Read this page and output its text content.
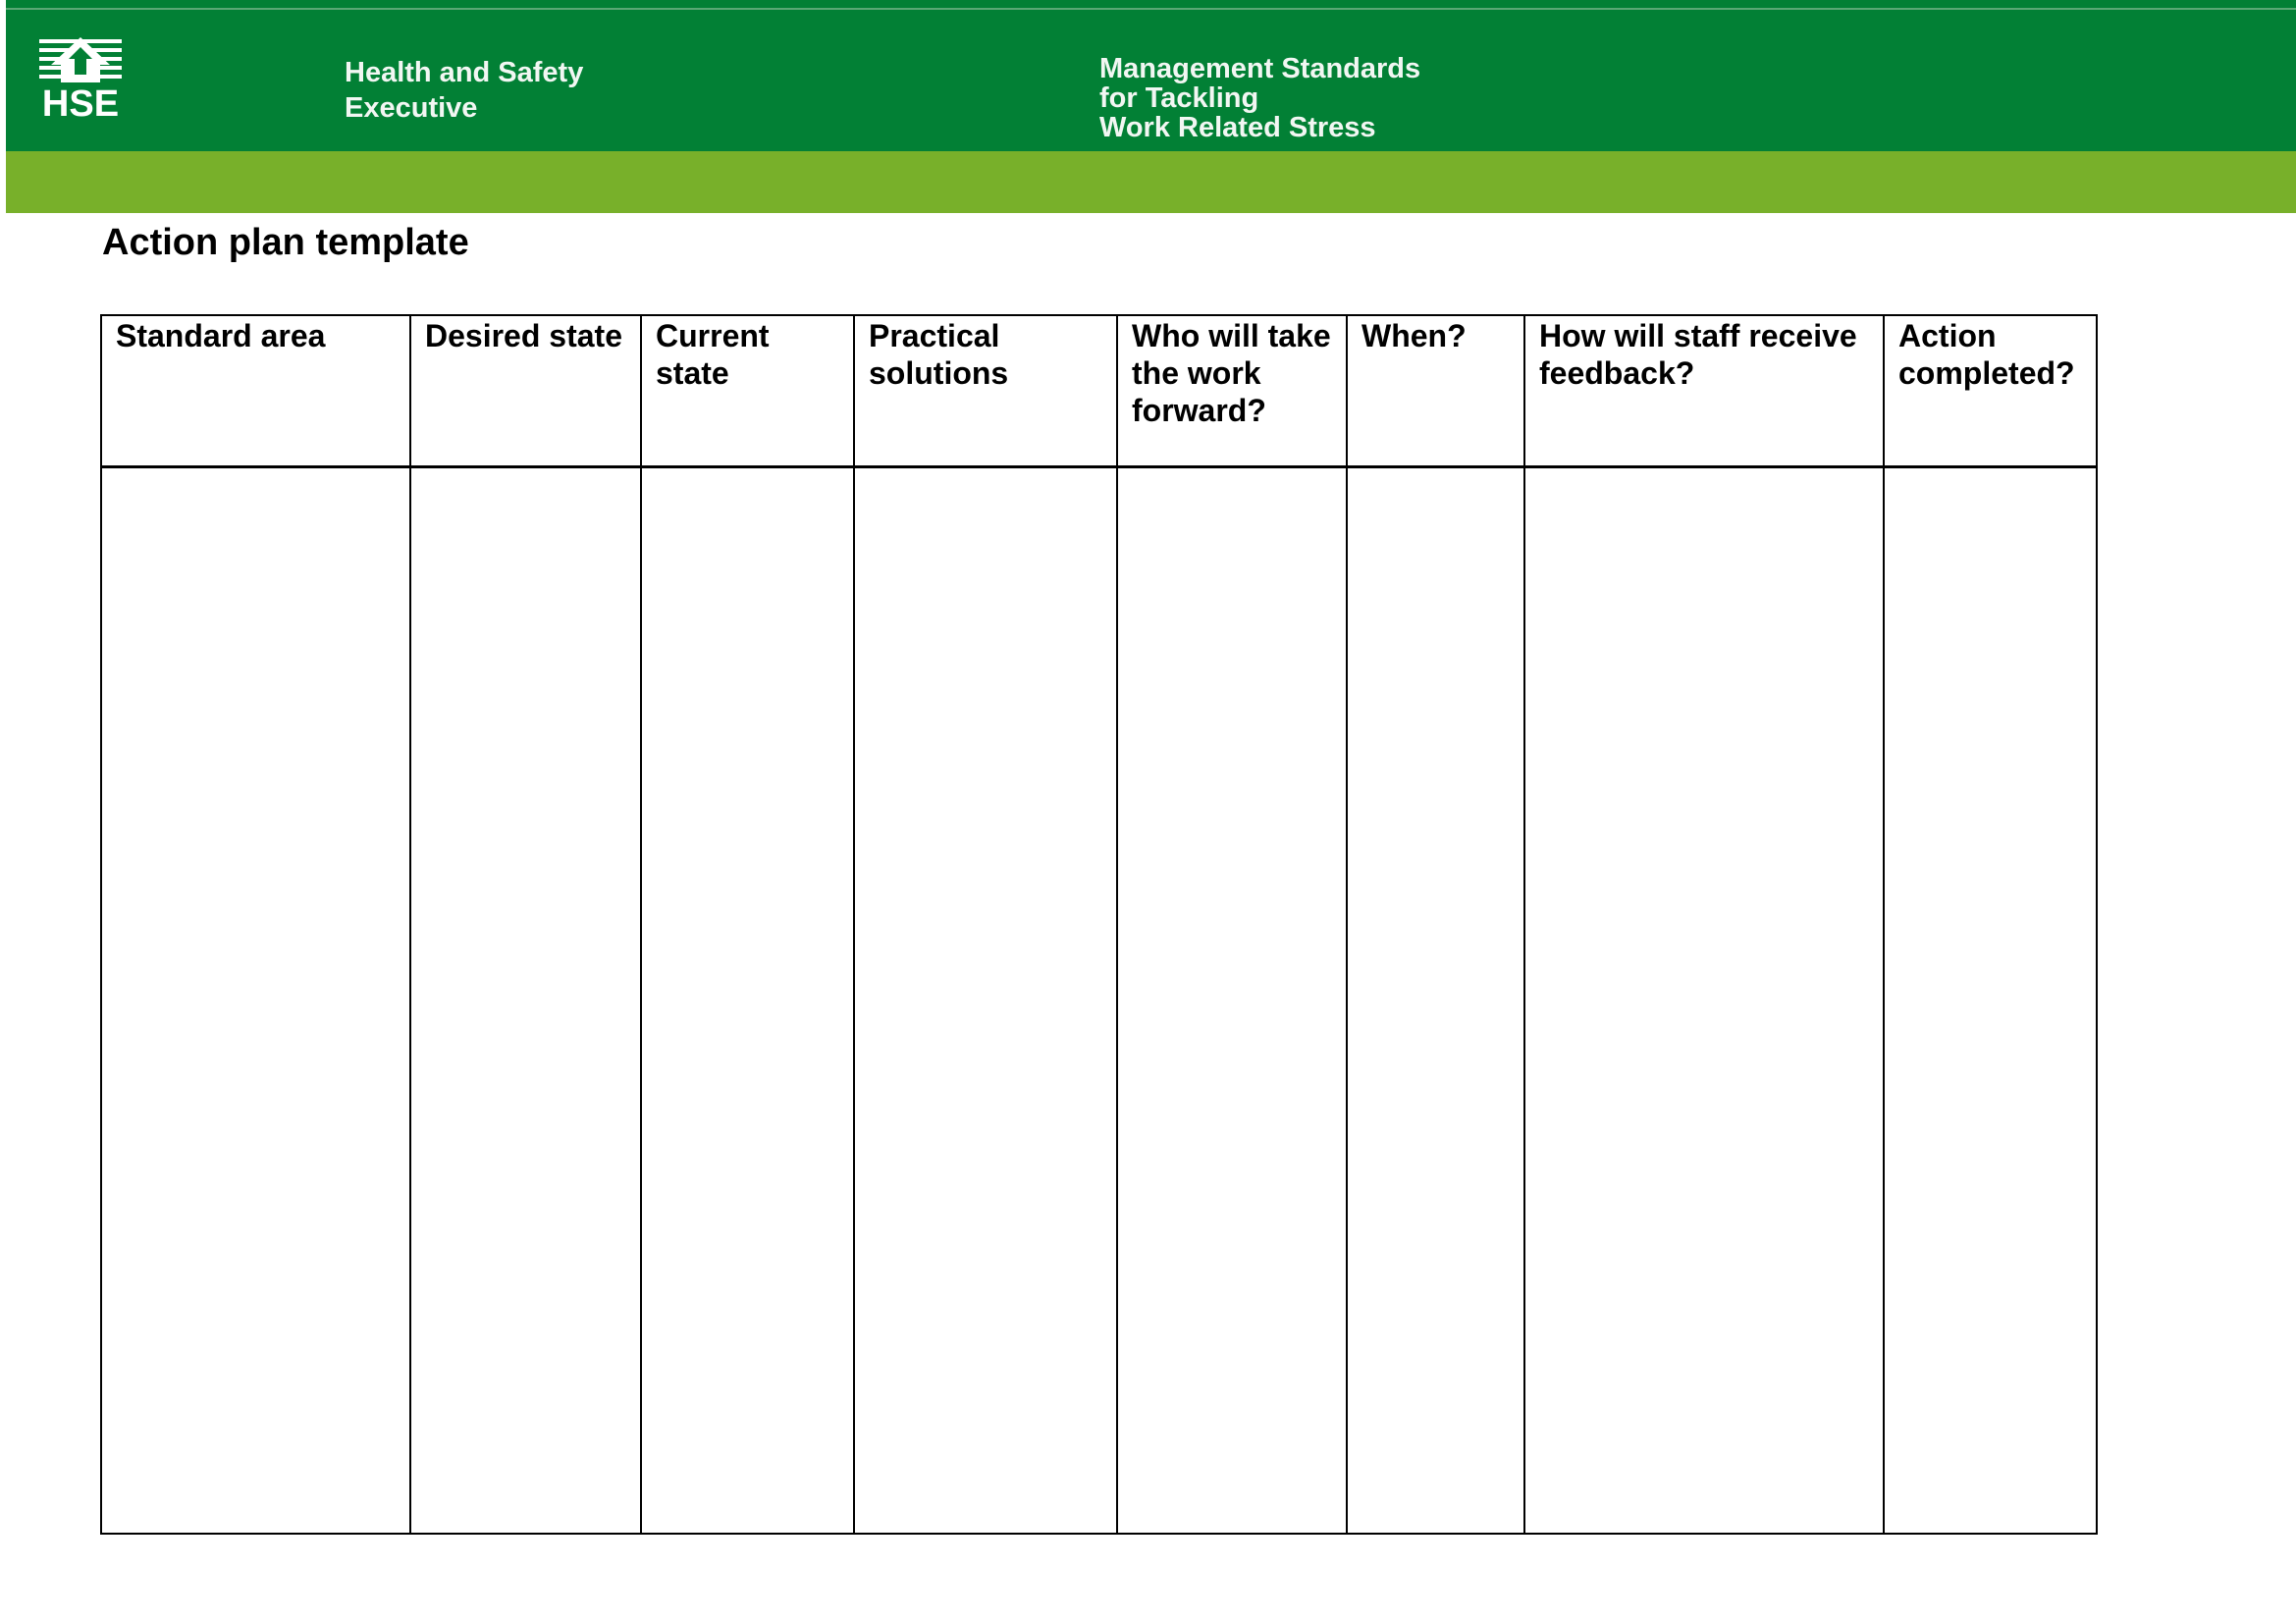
HSE
Health and Safety
Executive
Management Standards
for Tackling
Work Related Stress
Action plan template
Standard area	Desired state	Current state	Practical solutions	Who will take the work forward?	When?	How will staff receive feedback?	Action completed?
